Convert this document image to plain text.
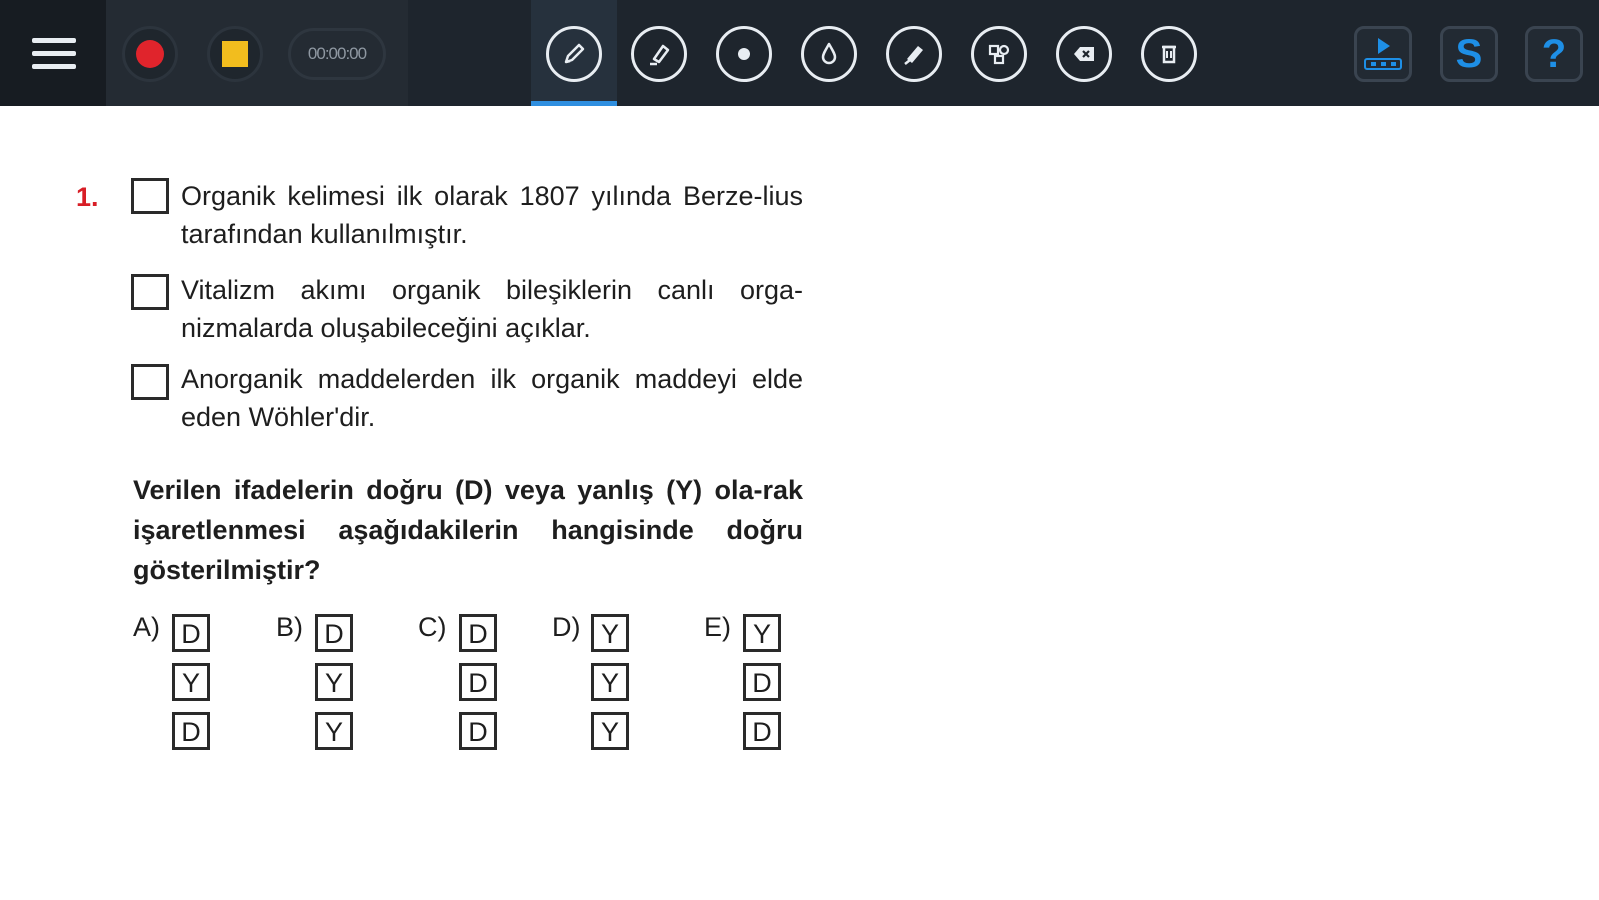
00:00:00	S	?
1.	Organik kelimesi ilk olarak 1807 yılında Berze-lius tarafından kullanılmıştır.
Vitalizm akımı organik bileşiklerin canlı orga-nizmalarda oluşabileceğini açıklar.
Anorganik maddelerden ilk organik maddeyi elde eden Wöhler'dir.
Verilen ifadelerin doğru (D) veya yanlış (Y) ola-rak işaretlenmesi aşağıdakilerin hangisinde doğru gösterilmiştir?
A) D
Y
D
B) D
Y
Y
C) D
D
D
D) Y
Y
Y
E) Y
D
D
